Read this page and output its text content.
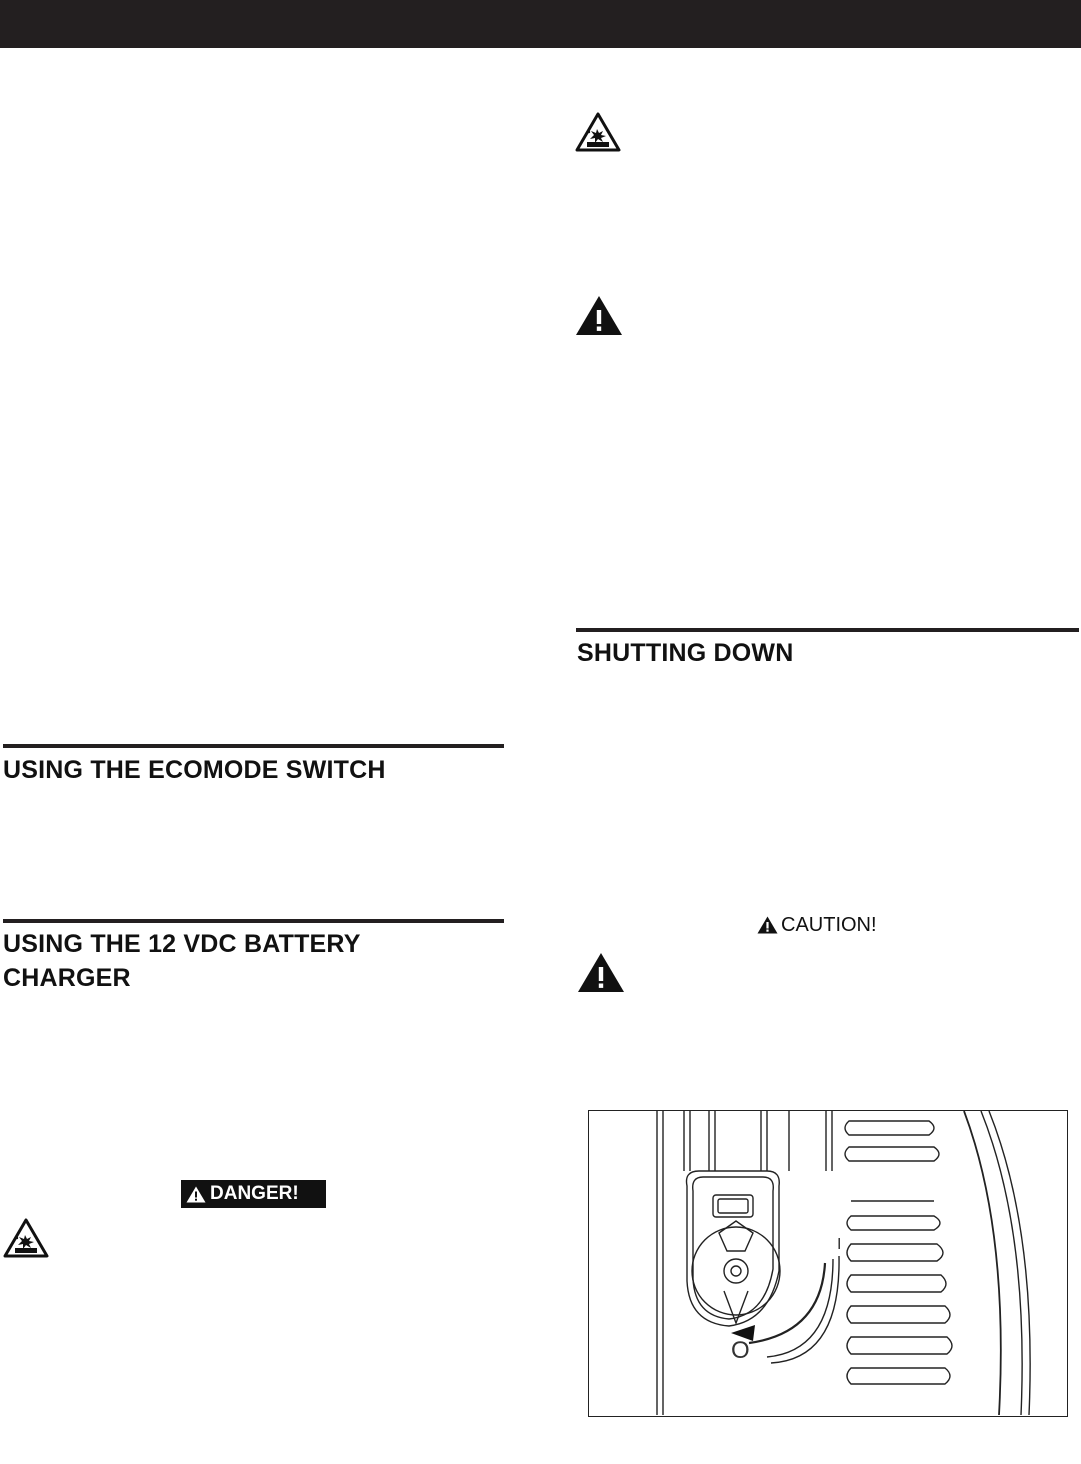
SHUTTING DOWN
CAUTION!
USING THE ECOMODE SWITCH
USING THE 12 VDC BATTERY
CHARGER
DANGER!
O
I
